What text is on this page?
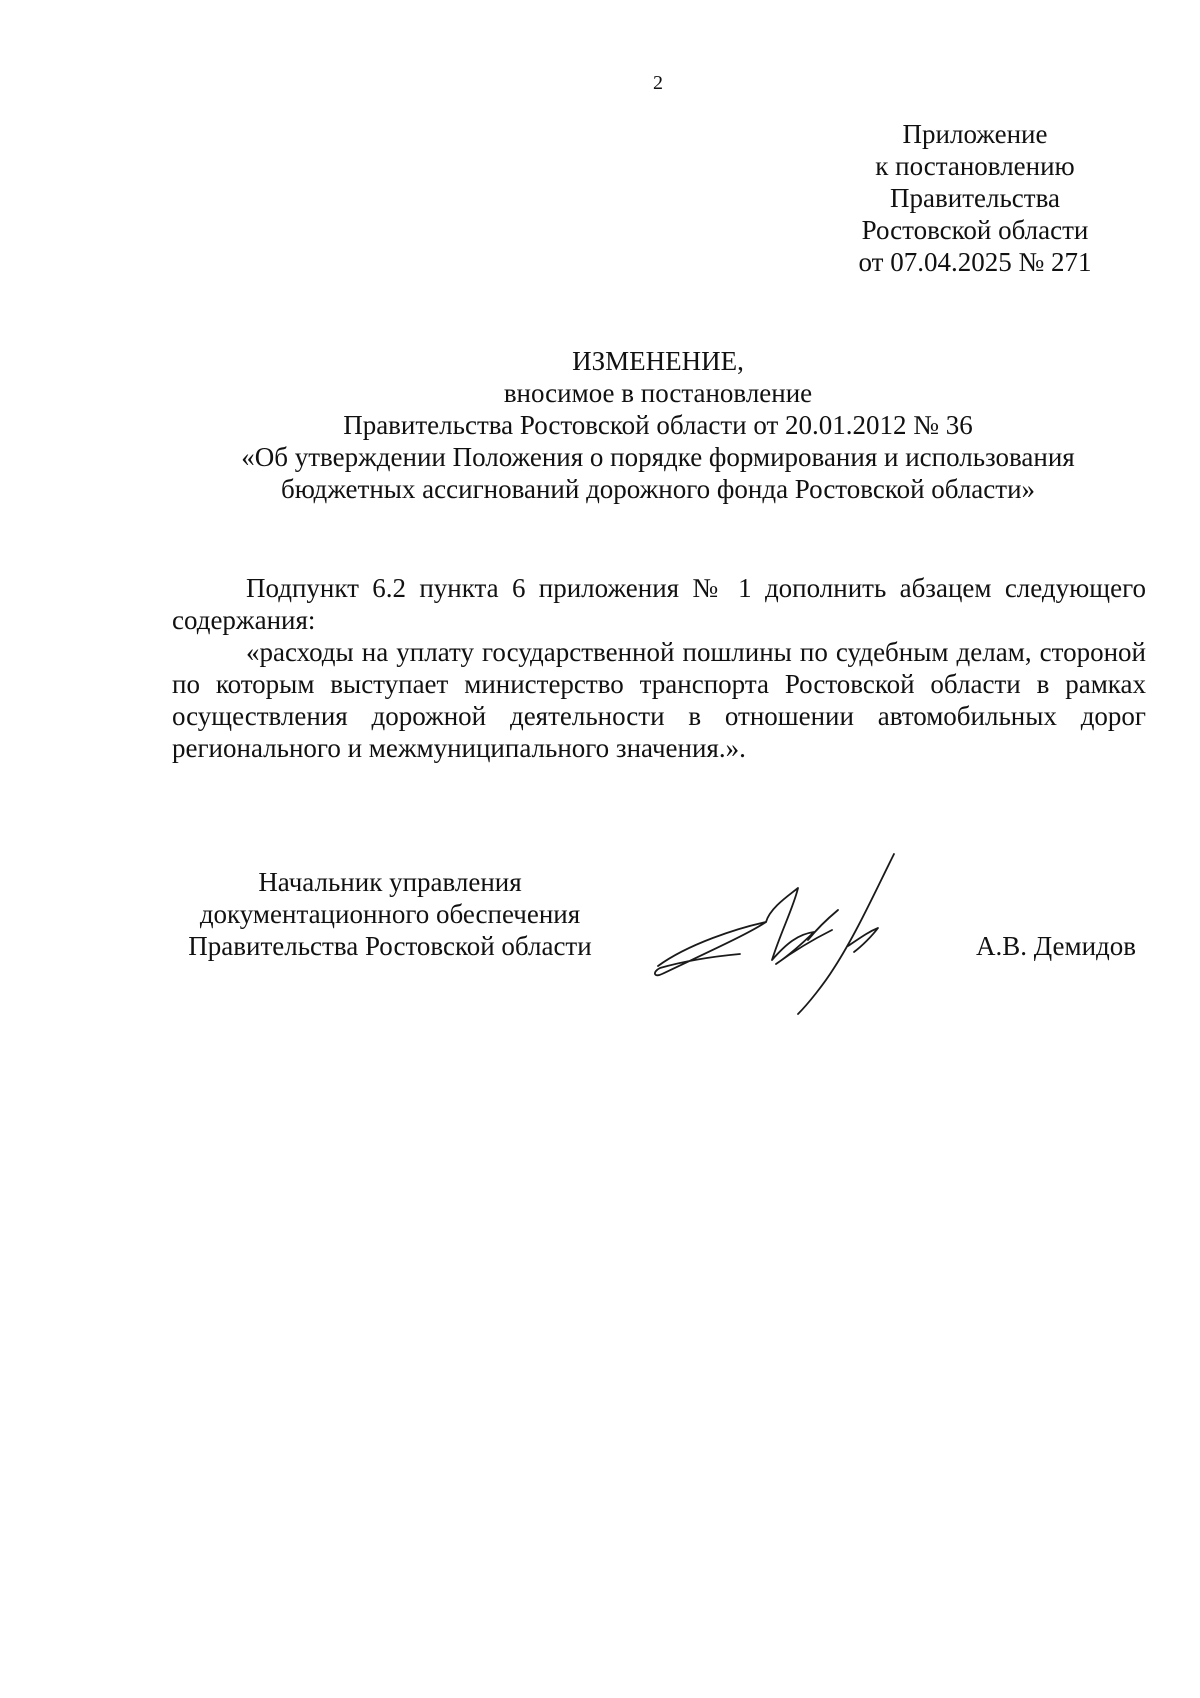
2
Приложение
к постановлению
Правительства
Ростовской области
от 07.04.2025 № 271
ИЗМЕНЕНИЕ,
вносимое в постановление
Правительства Ростовской области от 20.01.2012 № 36
«Об утверждении Положения о порядке формирования и использования
бюджетных ассигнований дорожного фонда Ростовской области»

Подпункт 6.2 пункта 6 приложения № 1 дополнить абзацем следующего содержания:

«расходы на уплату государственной пошлины по судебным делам, стороной по которым выступает министерство транспорта Ростовской области в рамках осуществления дорожной деятельности в отношении автомобильных дорог регионального и межмуниципального значения.».

Начальник управления
документационного обеспечения
Правительства Ростовской области	А.В. Демидов
